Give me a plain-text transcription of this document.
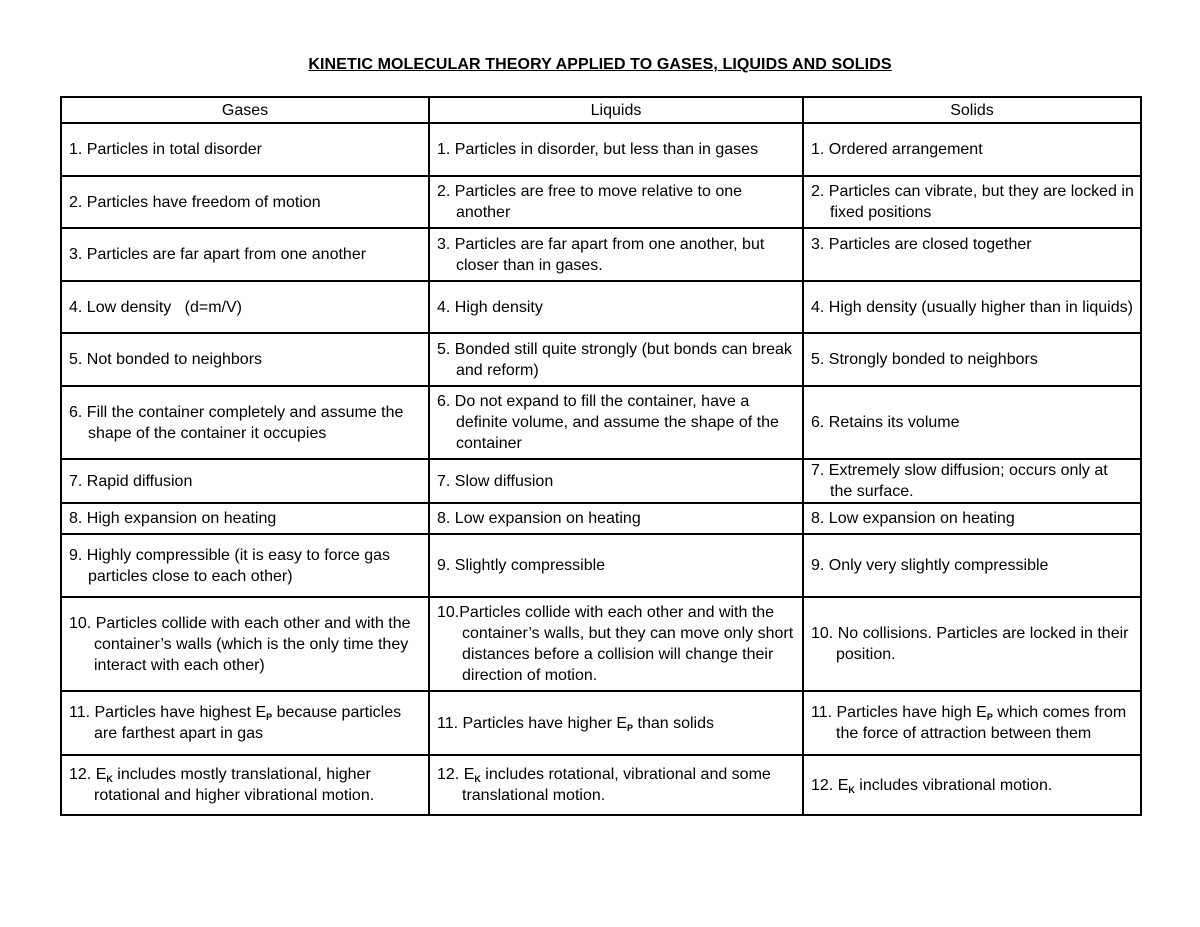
KINETIC MOLECULAR THEORY APPLIED TO GASES, LIQUIDS AND SOLIDS
Gases	Liquids	Solids

1. Particles in total disorder	1. Particles in disorder, but less than in gases	1. Ordered arrangement

2. Particles have freedom of motion	2. Particles are free to move relative to one another	2. Particles can vibrate, but they are locked in fixed positions

3. Particles are far apart from one another	3. Particles are far apart from one another, but closer than in gases.	3. Particles are closed together

4. Low density   (d=m/V)	4. High density	4. High density (usually higher than in liquids)

5. Not bonded to neighbors	5. Bonded still quite strongly (but bonds can break and reform)	5. Strongly bonded to neighbors

6. Fill the container completely and assume the shape of the container it occupies	6. Do not expand to fill the container, have a definite volume, and assume the shape of the container	6. Retains its volume

7. Rapid diffusion	7. Slow diffusion	7. Extremely slow diffusion; occurs only at the surface.

8. High expansion on heating	8. Low expansion on heating	8. Low expansion on heating

9. Highly compressible (it is easy to force gas particles close to each other)	9. Slightly compressible	9. Only very slightly compressible

10. Particles collide with each other and with the container’s walls (which is the only time they interact with each other)	10.Particles collide with each other and with the container’s walls, but they can move only short distances before a collision will change their direction of motion.	10. No collisions. Particles are locked in their position.

11. Particles have highest $E_P$ because particles are farthest apart in gas	11. Particles have higher $E_P$ than solids	11. Particles have high $E_P$ which comes from the force of attraction between them

12. $E_K$ includes mostly translational, higher rotational and higher vibrational motion.	12. $E_K$ includes rotational, vibrational and some translational motion.	12. $E_K$ includes vibrational motion.
